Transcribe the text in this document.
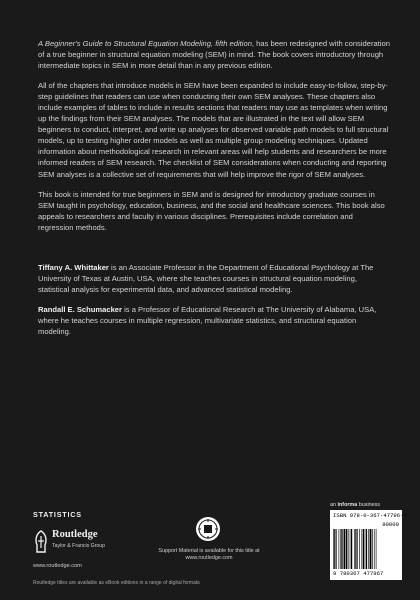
A Beginner's Guide to Structural Equation Modeling, fifth edition, has been redesigned with consideration of a true beginner in structural equation modeling (SEM) in mind. The book covers introductory through intermediate topics in SEM in more detail than in any previous edition.

All of the chapters that introduce models in SEM have been expanded to include easy-to-follow, step-by-step guidelines that readers can use when conducting their own SEM analyses. These chapters also include examples of tables to include in results sections that readers may use as templates when writing up the findings from their SEM analyses. The models that are illustrated in the text will allow SEM beginners to conduct, interpret, and write up analyses for observed variable path models to full structural models, up to testing higher order models as well as multiple group modeling techniques. Updated information about methodological research in relevant areas will help students and researchers be more informed readers of SEM research. The checklist of SEM considerations when conducting and reporting SEM analyses is a collective set of requirements that will help improve the rigor of SEM analyses.

This book is intended for true beginners in SEM and is designed for introductory graduate courses in SEM taught in psychology, education, business, and the social and healthcare sciences. This book also appeals to researchers and faculty in various disciplines. Prerequisites include correlation and regression methods.

Tiffany A. Whittaker is an Associate Professor in the Department of Educational Psychology at The University of Texas at Austin, USA, where she teaches courses in structural equation modeling, statistical analysis for experimental data, and advanced statistical modeling.

Randall E. Schumacker is a Professor of Educational Research at The University of Alabama, USA, where he teaches courses in multiple regression, multivariate statistics, and structural equation modeling.

STATISTICS
Routledge
Taylor & Francis Group
www.routledge.com
Routledge titles are available as eBook editions in a range of digital formats
Support Material is available for this title at www.routledge.com
an informa business
ISBN 978-0-367-47796-7
90000
9 780367 477967
